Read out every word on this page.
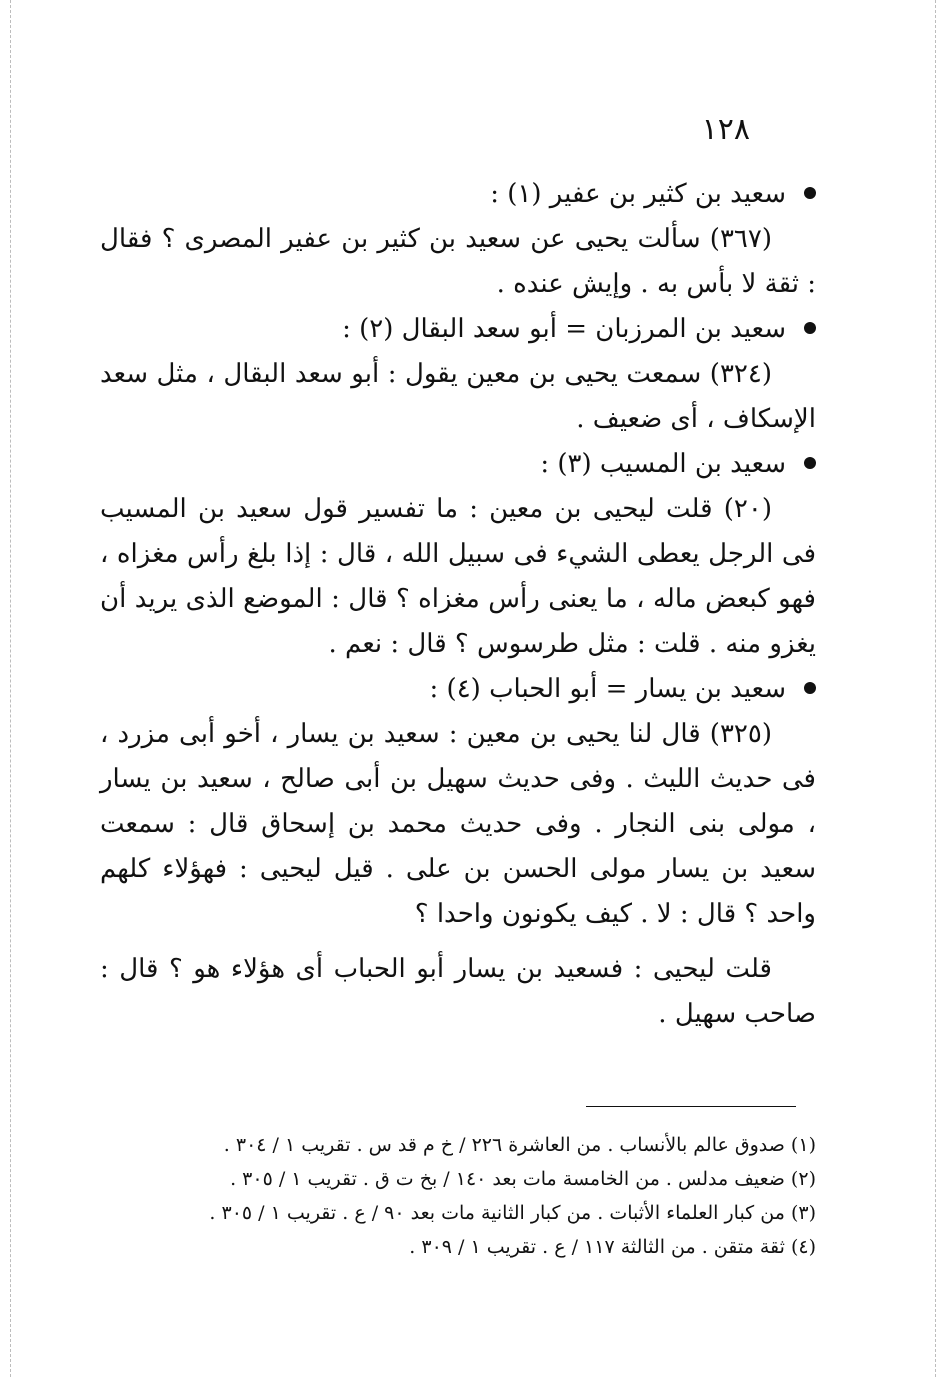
١٢٨

سعيد بن كثير بن عفير (١) :

(٣٦٧) سألت يحيى عن سعيد بن كثير بن عفير المصرى ؟ فقال : ثقة لا بأس به . وإيش عنده .

سعيد بن المرزبان = أبو سعد البقال (٢) :

(٣٢٤) سمعت يحيى بن معين يقول : أبو سعد البقال ، مثل سعد الإسكاف ، أى ضعيف .

سعيد بن المسيب (٣) :

(٢٠) قلت ليحيى بن معين : ما تفسير قول سعيد بن المسيب فى الرجل يعطى الشيء فى سبيل الله ، قال : إذا بلغ رأس مغزاه ، فهو كبعض ماله ، ما يعنى رأس مغزاه ؟ قال : الموضع الذى يريد أن يغزو منه . قلت : مثل طرسوس ؟ قال : نعم .

سعيد بن يسار = أبو الحباب (٤) :

(٣٢٥) قال لنا يحيى بن معين : سعيد بن يسار ، أخو أبى مزرد ، فى حديث الليث . وفى حديث سهيل بن أبى صالح ، سعيد بن يسار ، مولى بنى النجار . وفى حديث محمد بن إسحاق قال : سمعت سعيد بن يسار مولى الحسن بن على . قيل ليحيى : فهؤلاء كلهم واحد ؟ قال : لا . كيف يكونون واحدا ؟

قلت ليحيى : فسعيد بن يسار أبو الحباب أى هؤلاء هو ؟ قال : صاحب سهيل .

(١) صدوق عالم بالأنساب . من العاشرة ٢٢٦ / خ م قد س . تقريب ١ / ٣٠٤ .

(٢) ضعيف مدلس . من الخامسة مات بعد ١٤٠ / بخ ت ق . تقريب ١ / ٣٠٥ .

(٣) من كبار العلماء الأثبات . من كبار الثانية مات بعد ٩٠ / ع . تقريب ١ / ٣٠٥ .

(٤) ثقة متقن . من الثالثة ١١٧ / ع . تقريب ١ / ٣٠٩ .
